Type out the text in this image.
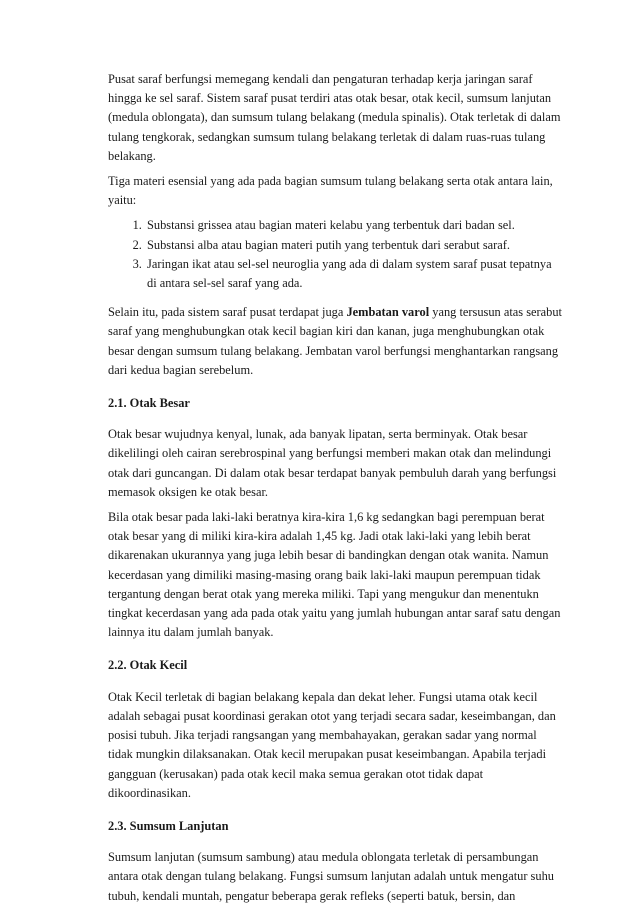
Pusat saraf berfungsi memegang kendali dan pengaturan terhadap kerja jaringan saraf hingga ke sel saraf. Sistem saraf pusat terdiri atas otak besar, otak kecil, sumsum lanjutan (medula oblongata), dan sumsum tulang belakang (medula spinalis). Otak terletak di dalam tulang tengkorak, sedangkan sumsum tulang belakang terletak di dalam ruas-ruas tulang belakang.

Tiga materi esensial yang ada pada bagian sumsum tulang belakang serta otak antara lain, yaitu:

1. Substansi grissea atau bagian materi kelabu yang terbentuk dari badan sel.
2. Substansi alba atau bagian materi putih yang terbentuk dari serabut saraf.
3. Jaringan ikat atau sel-sel neuroglia yang ada di dalam system saraf pusat tepatnya di antara sel-sel saraf yang ada.

Selain itu, pada sistem saraf pusat terdapat juga Jembatan varol yang tersusun atas serabut saraf yang menghubungkan otak kecil bagian kiri dan kanan, juga menghubungkan otak besar dengan sumsum tulang belakang. Jembatan varol berfungsi menghantarkan rangsang dari kedua bagian serebelum.

2.1. Otak Besar

Otak besar wujudnya kenyal, lunak, ada banyak lipatan, serta berminyak. Otak besar dikelilingi oleh cairan serebrospinal yang berfungsi memberi makan otak dan melindungi otak dari guncangan. Di dalam otak besar terdapat banyak pembuluh darah yang berfungsi memasok oksigen ke otak besar.

Bila otak besar pada laki-laki beratnya kira-kira 1,6 kg sedangkan bagi perempuan berat otak besar yang di miliki kira-kira adalah 1,45 kg. Jadi otak laki-laki yang lebih berat dikarenakan ukurannya yang juga lebih besar di bandingkan dengan otak wanita. Namun kecerdasan yang dimiliki masing-masing orang baik laki-laki maupun perempuan tidak tergantung dengan berat otak yang mereka miliki. Tapi yang mengukur dan menentukn tingkat kecerdasan yang ada pada otak yaitu yang jumlah hubungan antar saraf satu dengan lainnya itu dalam jumlah banyak.

2.2. Otak Kecil

Otak Kecil terletak di bagian belakang kepala dan dekat leher. Fungsi utama otak kecil adalah sebagai pusat koordinasi gerakan otot yang terjadi secara sadar, keseimbangan, dan posisi tubuh. Jika terjadi rangsangan yang membahayakan, gerakan sadar yang normal tidak mungkin dilaksanakan. Otak kecil merupakan pusat keseimbangan. Apabila terjadi gangguan (kerusakan) pada otak kecil maka semua gerakan otot tidak dapat dikoordinasikan.

2.3. Sumsum Lanjutan

Sumsum lanjutan (sumsum sambung) atau medula oblongata terletak di persambungan antara otak dengan tulang belakang. Fungsi sumsum lanjutan adalah untuk mengatur suhu tubuh, kendali muntah, pengatur beberapa gerak refleks (seperti batuk, bersin, dan
